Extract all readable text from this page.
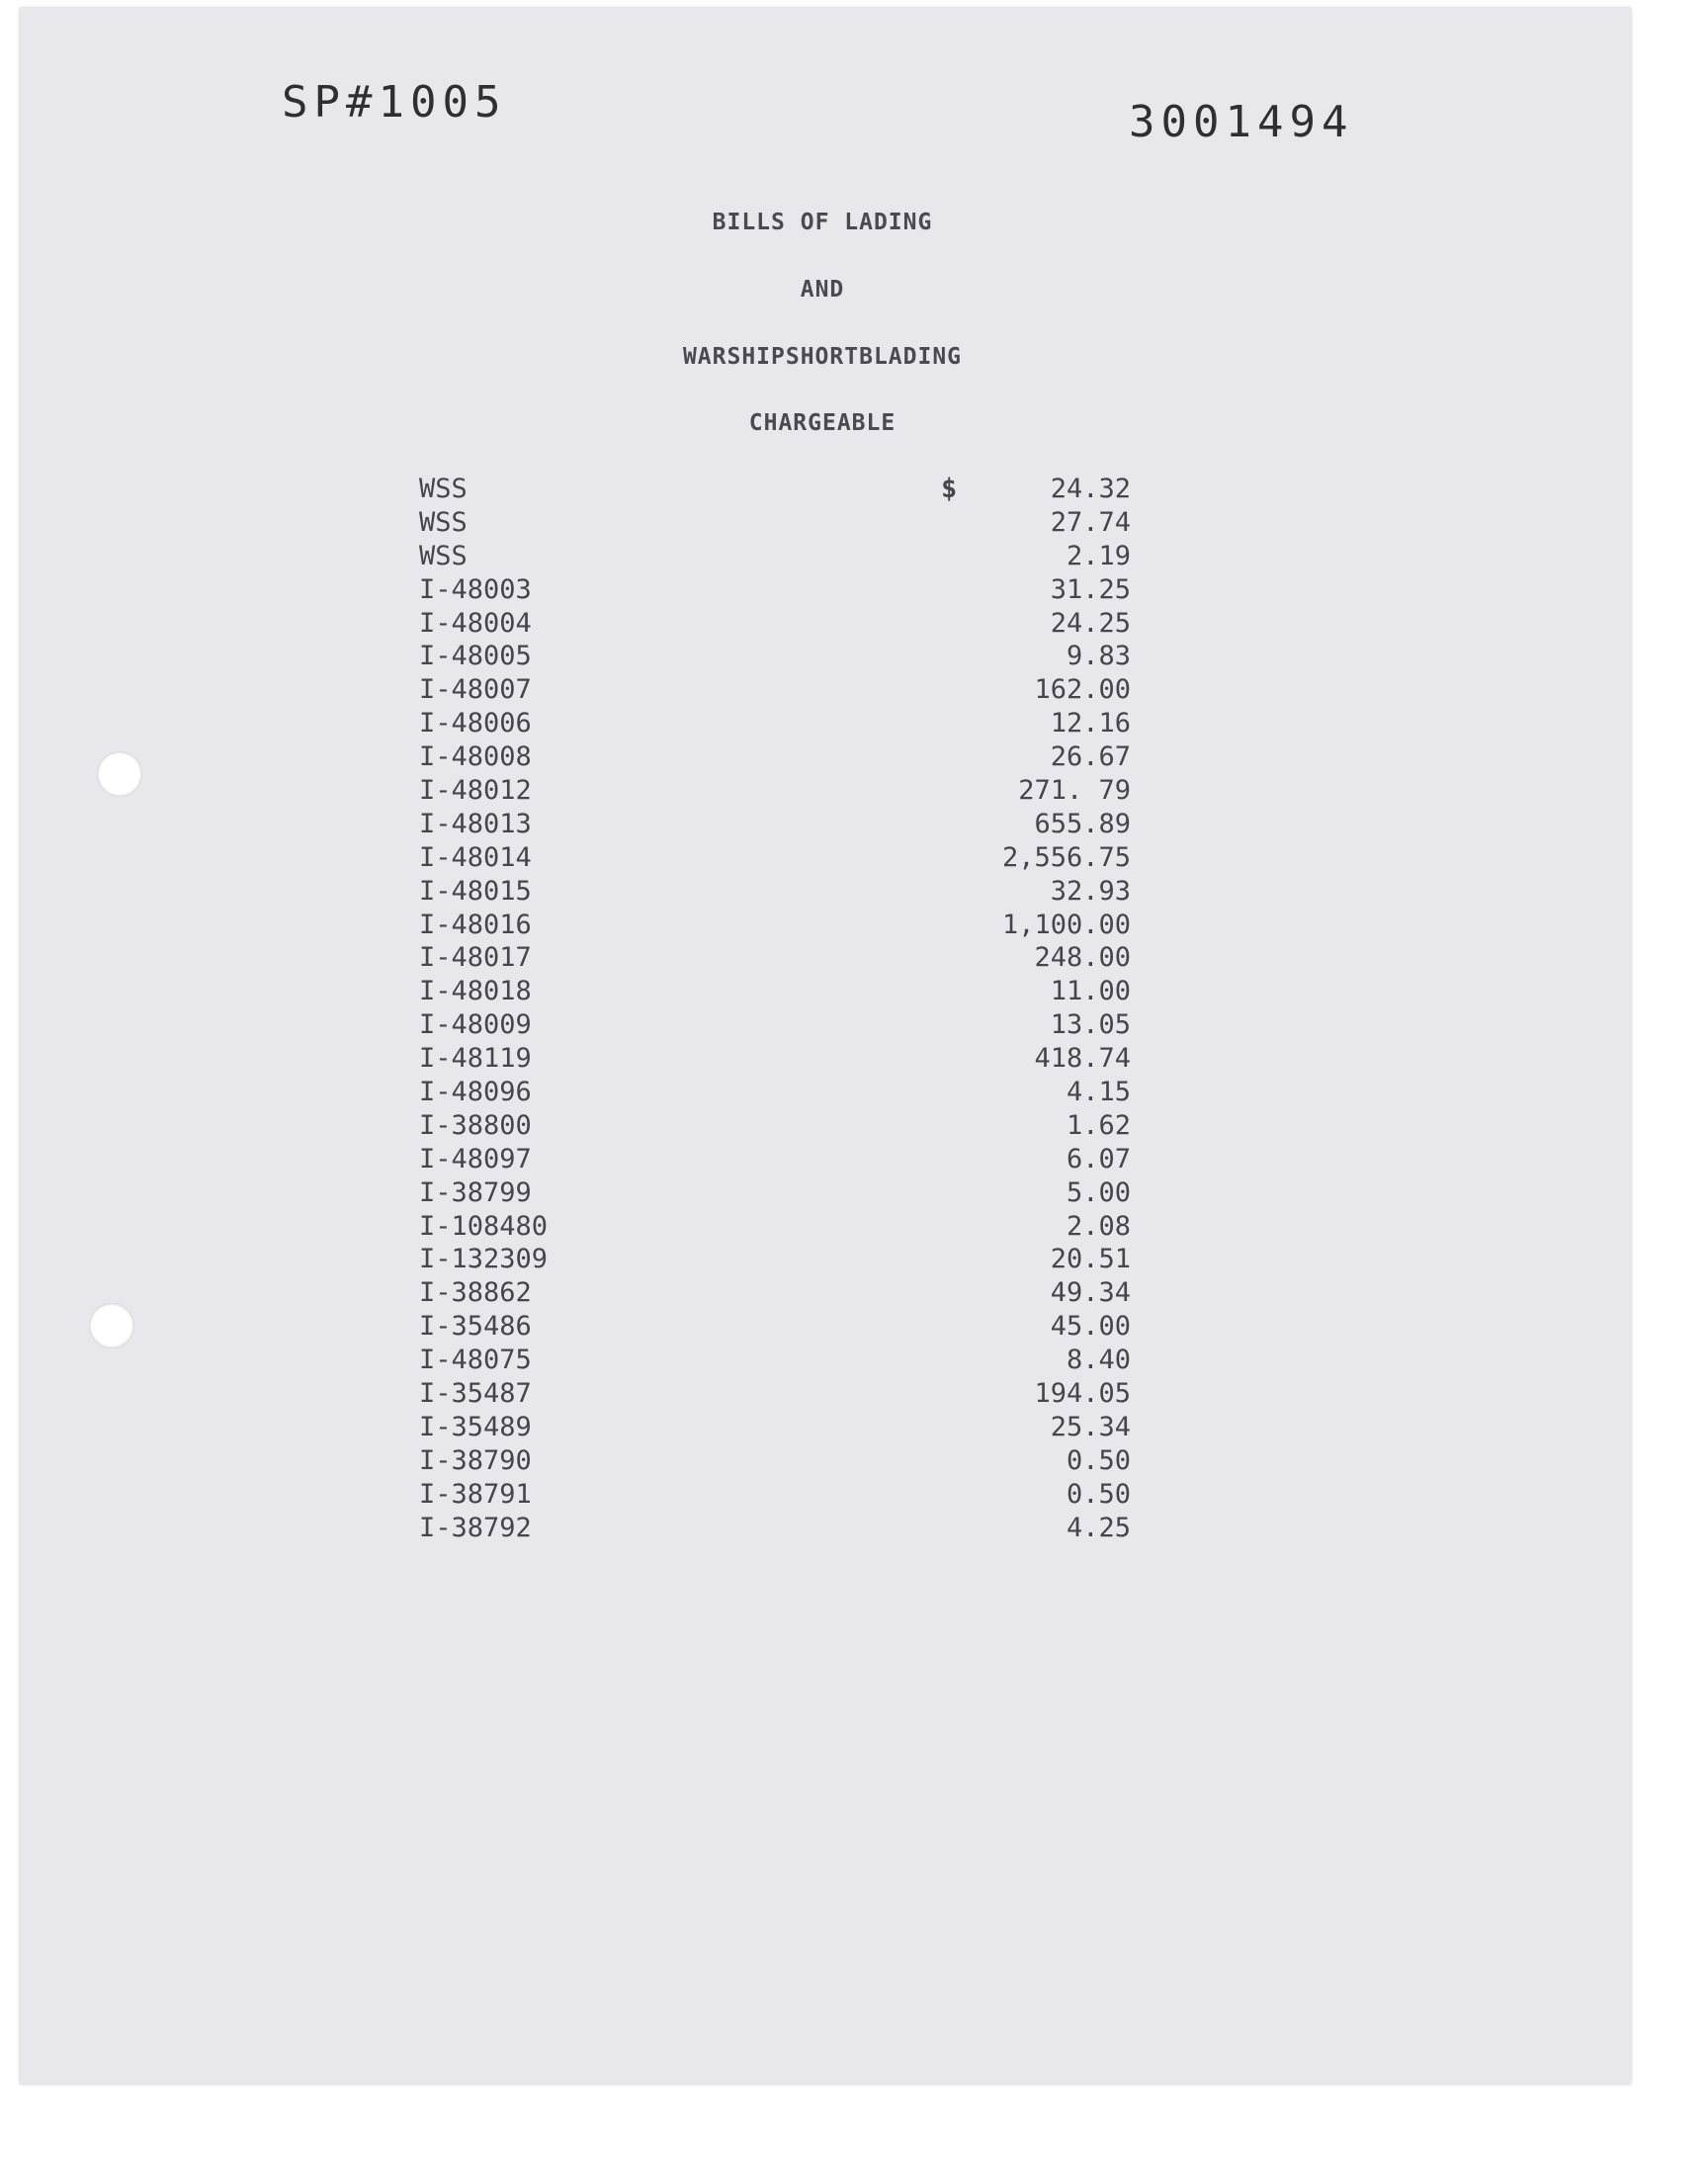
SP#1005	3001494
BILLS OF LADING
AND
WARSHIPSHORTBLADING
CHARGEABLE
WSS	$	24.32
WSS	27.74
WSS	2.19
I-48003	31.25
I-48004	24.25
I-48005	9.83
I-48007	162.00
I-48006	12.16
I-48008	26.67
I-48012	271. 79
I-48013	655.89
I-48014	2,556.75
I-48015	32.93
I-48016	1,100.00
I-48017	248.00
I-48018	11.00
I-48009	13.05
I-48119	418.74
I-48096	4.15
I-38800	1.62
I-48097	6.07
I-38799	5.00
I-108480	2.08
I-132309	20.51
I-38862	49.34
I-35486	45.00
I-48075	8.40
I-35487	194.05
I-35489	25.34
I-38790	0.50
I-38791	0.50
I-38792	4.25
